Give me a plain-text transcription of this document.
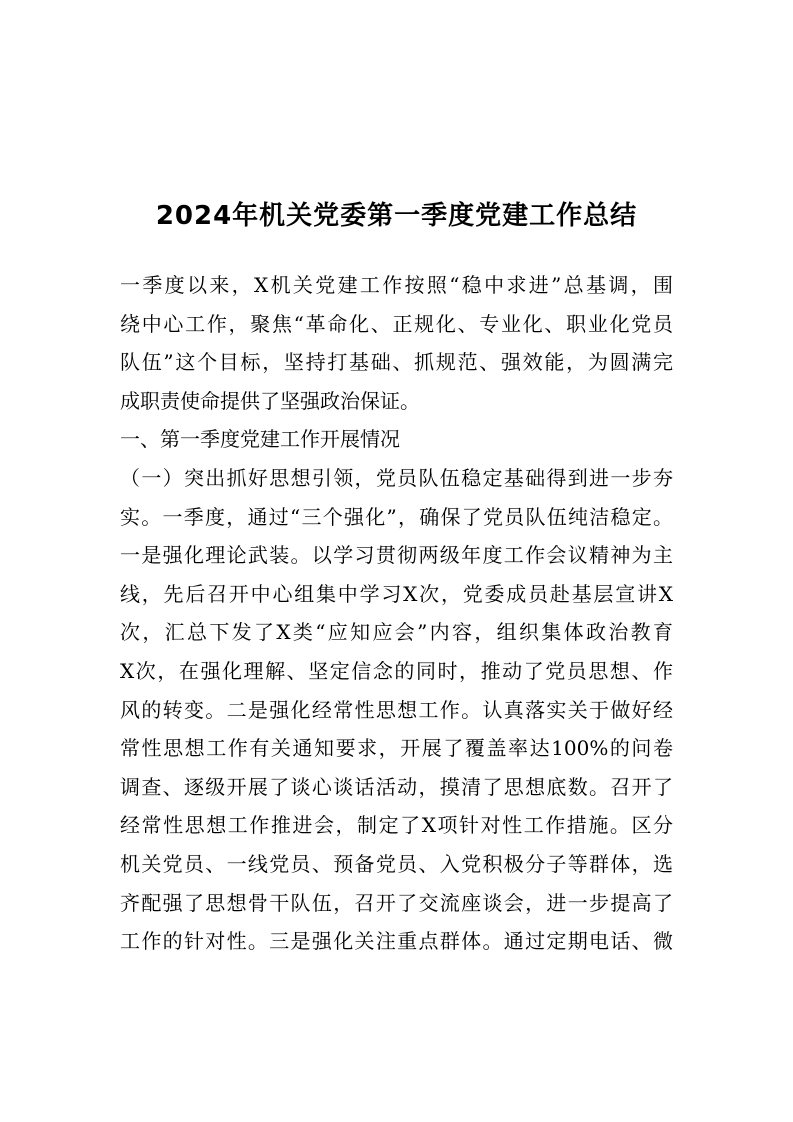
2024年机关党委第一季度党建工作总结
一季度以来，X机关党建工作按照“稳中求进”总基调，围
绕中心工作，聚焦“革命化、正规化、专业化、职业化党员
队伍”这个目标，坚持打基础、抓规范、强效能，为圆满完
成职责使命提供了坚强政治保证。
一、第一季度党建工作开展情况
（一）突出抓好思想引领，党员队伍稳定基础得到进一步夯
实。一季度，通过“三个强化”，确保了党员队伍纯洁稳定。
一是强化理论武装。以学习贯彻两级年度工作会议精神为主
线，先后召开中心组集中学习X次，党委成员赴基层宣讲X
次，汇总下发了X类“应知应会”内容，组织集体政治教育
X次，在强化理解、坚定信念的同时，推动了党员思想、作
风的转变。二是强化经常性思想工作。认真落实关于做好经
常性思想工作有关通知要求，开展了覆盖率达100%的问卷
调查、逐级开展了谈心谈话活动，摸清了思想底数。召开了
经常性思想工作推进会，制定了X项针对性工作措施。区分
机关党员、一线党员、预备党员、入党积极分子等群体，选
齐配强了思想骨干队伍，召开了交流座谈会，进一步提高了
工作的针对性。三是强化关注重点群体。通过定期电话、微
